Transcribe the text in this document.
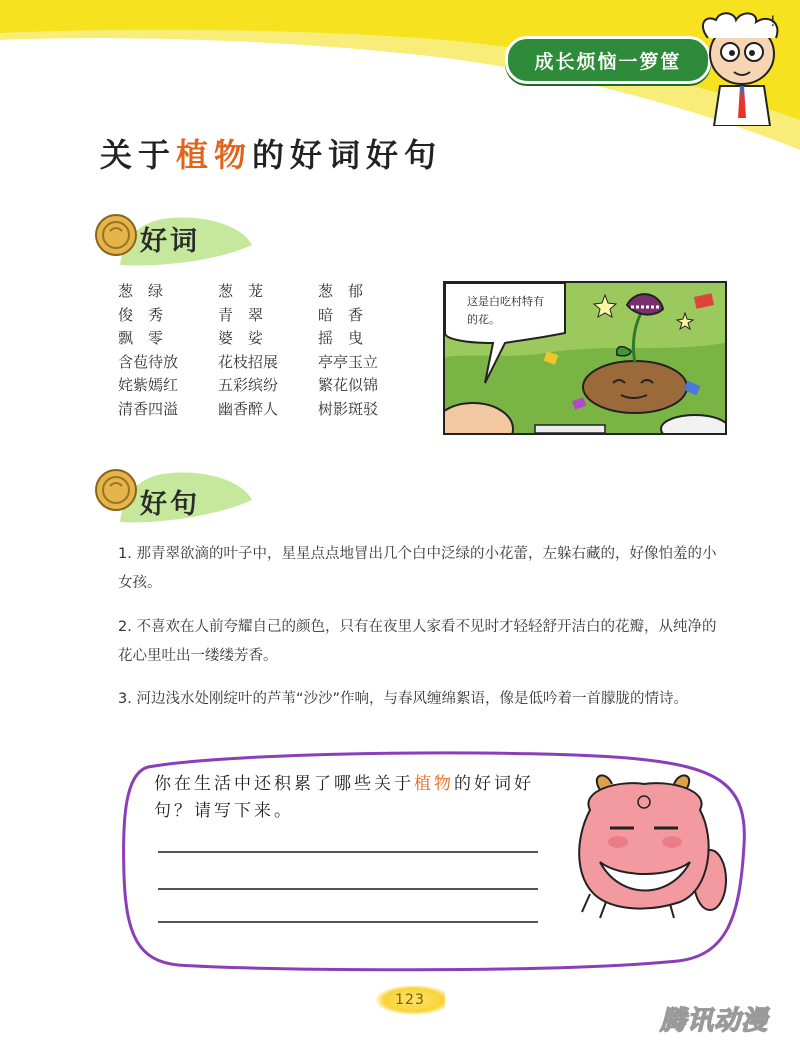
成长烦恼一箩筐
!
关于植物的好词好句
好词
葱　绿	葱　茏	葱　郁
俊　秀	青　翠	暗　香
飘　零	婆　娑	摇　曳
含苞待放	花枝招展	亭亭玉立
姹紫嫣红	五彩缤纷	繁花似锦
清香四溢	幽香醉人	树影斑驳
这是白吃村特有的花。
好句

1. 那青翠欲滴的叶子中，星星点点地冒出几个白中泛绿的小花蕾，左躲右藏的，好像怕羞的小女孩。

2. 不喜欢在人前夸耀自己的颜色，只有在夜里人家看不见时才轻轻舒开洁白的花瓣，从纯净的花心里吐出一缕缕芳香。

3. 河边浅水处刚绽叶的芦苇“沙沙”作响，与春风缠绵絮语，像是低吟着一首朦胧的情诗。

你在生活中还积累了哪些关于植物的好词好句？请写下来。
123
腾讯动漫
